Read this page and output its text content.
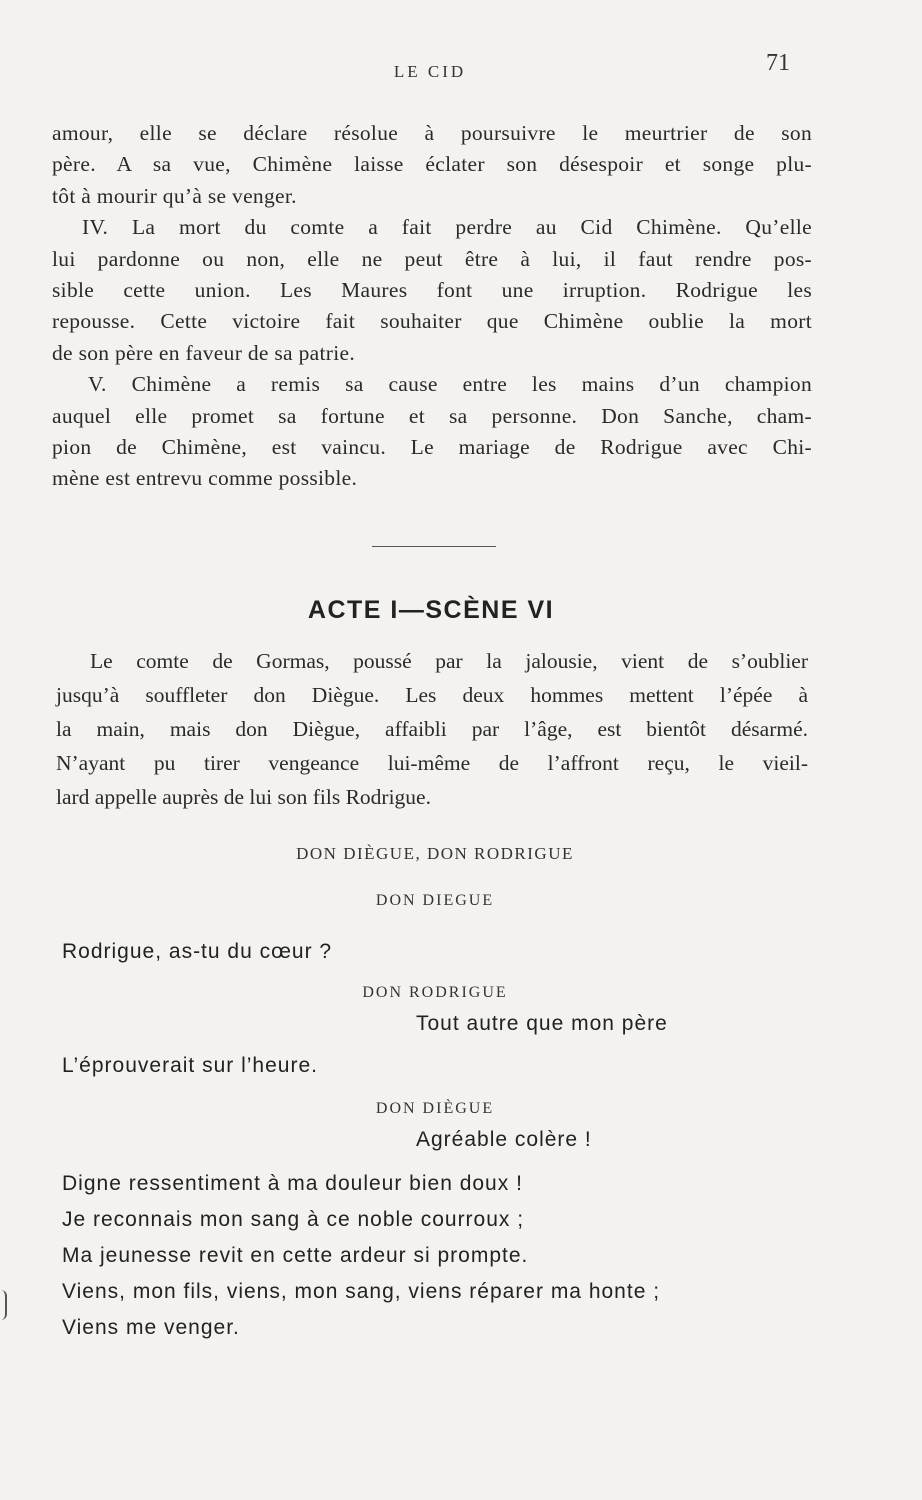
LE CID	71
amour, elle se déclare résolue à poursuivre le meurtrier de son
père. A sa vue, Chimène laisse éclater son désespoir et songe plu-
tôt à mourir qu’à se venger.
IV. La mort du comte a fait perdre au Cid Chimène. Qu’elle
lui pardonne ou non, elle ne peut être à lui, il faut rendre pos-
sible cette union. Les Maures font une irruption. Rodrigue les
repousse. Cette victoire fait souhaiter que Chimène oublie la mort
de son père en faveur de sa patrie.
V. Chimène a remis sa cause entre les mains d’un champion
auquel elle promet sa fortune et sa personne. Don Sanche, cham-
pion de Chimène, est vaincu. Le mariage de Rodrigue avec Chi-
mène est entrevu comme possible.
ACTE I—SCÈNE VI
Le comte de Gormas, poussé par la jalousie, vient de s’oublier
jusqu’à souffleter don Diègue. Les deux hommes mettent l’épée à
la main, mais don Diègue, affaibli par l’âge, est bientôt désarmé.
N’ayant pu tirer vengeance lui-même de l’affront reçu, le vieil-
lard appelle auprès de lui son fils Rodrigue.
DON DIÈGUE, DON RODRIGUE
DON DIEGUE
Rodrigue, as-tu du cœur ?
DON RODRIGUE
Tout autre que mon père
L’éprouverait sur l’heure.
DON DIÈGUE
Agréable colère !
Digne ressentiment à ma douleur bien doux !
Je reconnais mon sang à ce noble courroux ;
Ma jeunesse revit en cette ardeur si prompte.
Viens, mon fils, viens, mon sang, viens réparer ma honte ;
Viens me venger.
